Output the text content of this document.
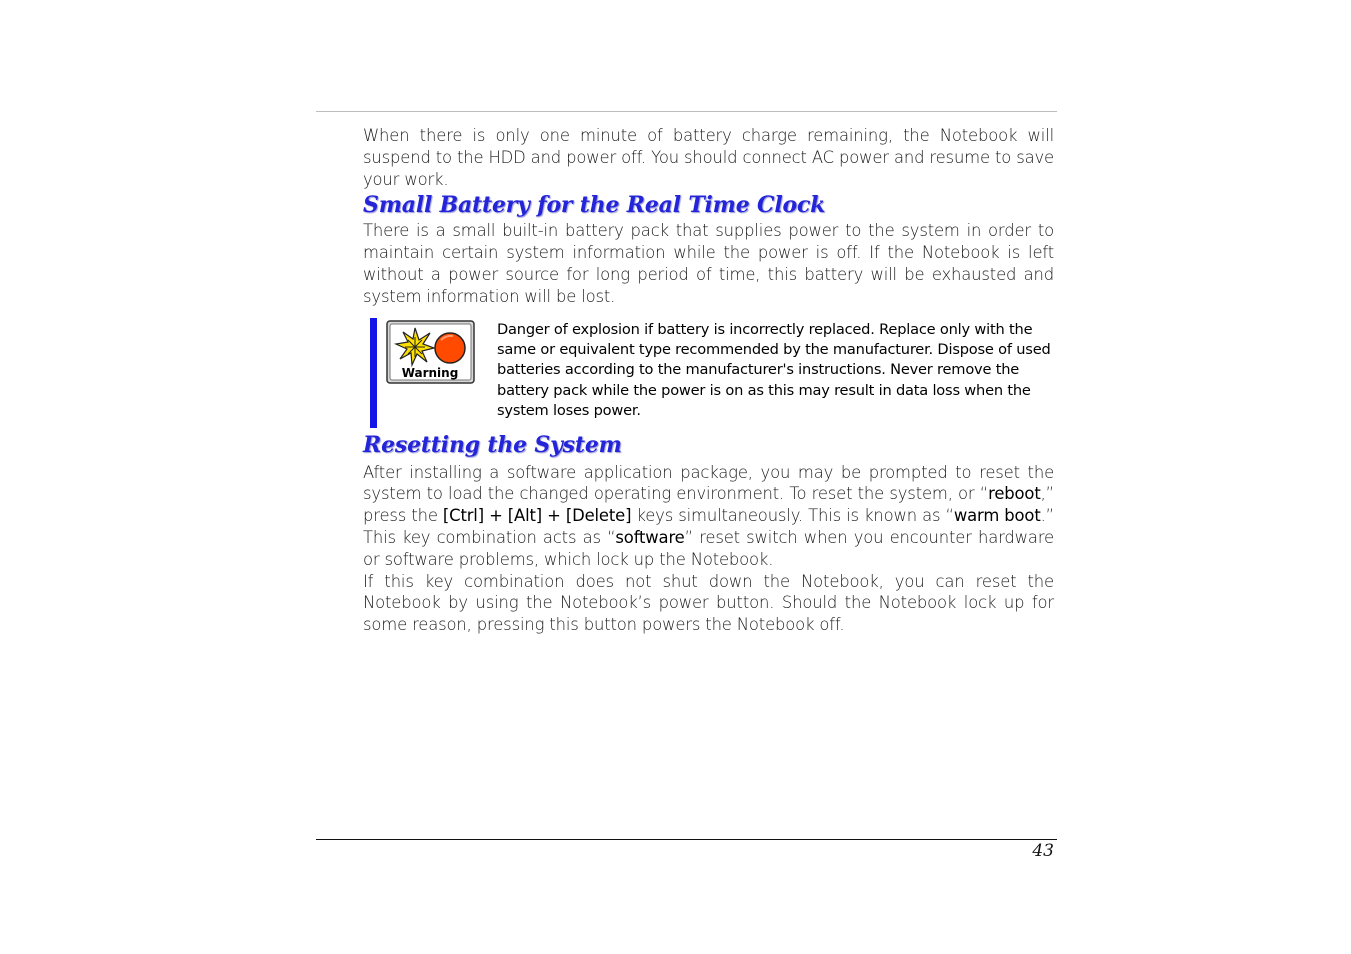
When there is only one minute of battery charge remaining, the Notebook will suspend to the HDD and power off. You should connect AC power and resume to save your work.

Small Battery for the Real Time Clock

There is a small built-in battery pack that supplies power to the system in order to maintain certain system information while the power is off. If the Notebook is left without a power source for long period of time, this battery will be exhausted and system information will be lost.

Warning
Danger of explosion if battery is incorrectly replaced. Replace only with the same or equivalent type recommended by the manufacturer. Dispose of used batteries according to the manufacturer's instructions. Never remove the battery pack while the power is on as this may result in data loss when the system loses power.
Resetting the System

After installing a software application package, you may be prompted to reset the system to load the changed operating environment. To reset the system, or “reboot,” press the [Ctrl] + [Alt] + [Delete] keys simultaneously. This is known as “warm boot.” This key combination acts as “software” reset switch when you encounter hardware or software problems, which lock up the Notebook.

If this key combination does not shut down the Notebook, you can reset the Notebook by using the Notebook’s power button. Should the Notebook lock up for some reason, pressing this button powers the Notebook off.

43
